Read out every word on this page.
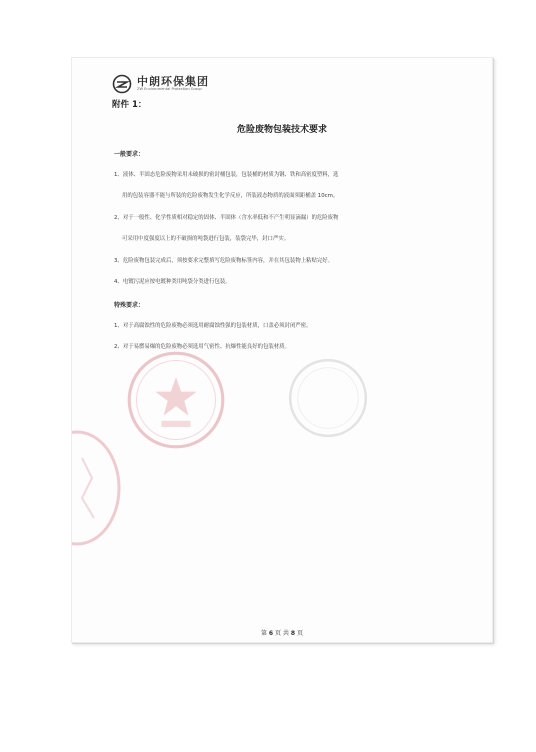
中朗环保集团
ZW Environmental Protection Group
附件 1：
危险废物包装技术要求
一般要求：
1、液体、半固态危险废物采用未破损的密封桶包装，包装桶的材质为钢、铁和高密度塑料，选
用的包装容器不能与所装的危险废物发生化学反应，所装液态物质的液面须距桶盖 10cm。
2、对于一般性、化学性质相对稳定的固体、半固体（含水率低和不产生明显滴漏）的危险废物
可采用中度强度以上的不破损的吨袋进行包装，装袋完毕，封口严实。
3、危险废物包装完成后，须按要求完整填写危险废物标签内容，并在其包装物上粘贴完好。
4、电镀污泥应按电镀种类用吨袋分类进行包装。
特殊要求：
1、对于高腐蚀性的危险废物必须选用耐腐蚀性强的包装材质，口盖必须封闭严密。
2、对于易燃易爆的危险废物必须选用气密性、抗爆性能良好的包装材质。
第 6 页 共 8 页
